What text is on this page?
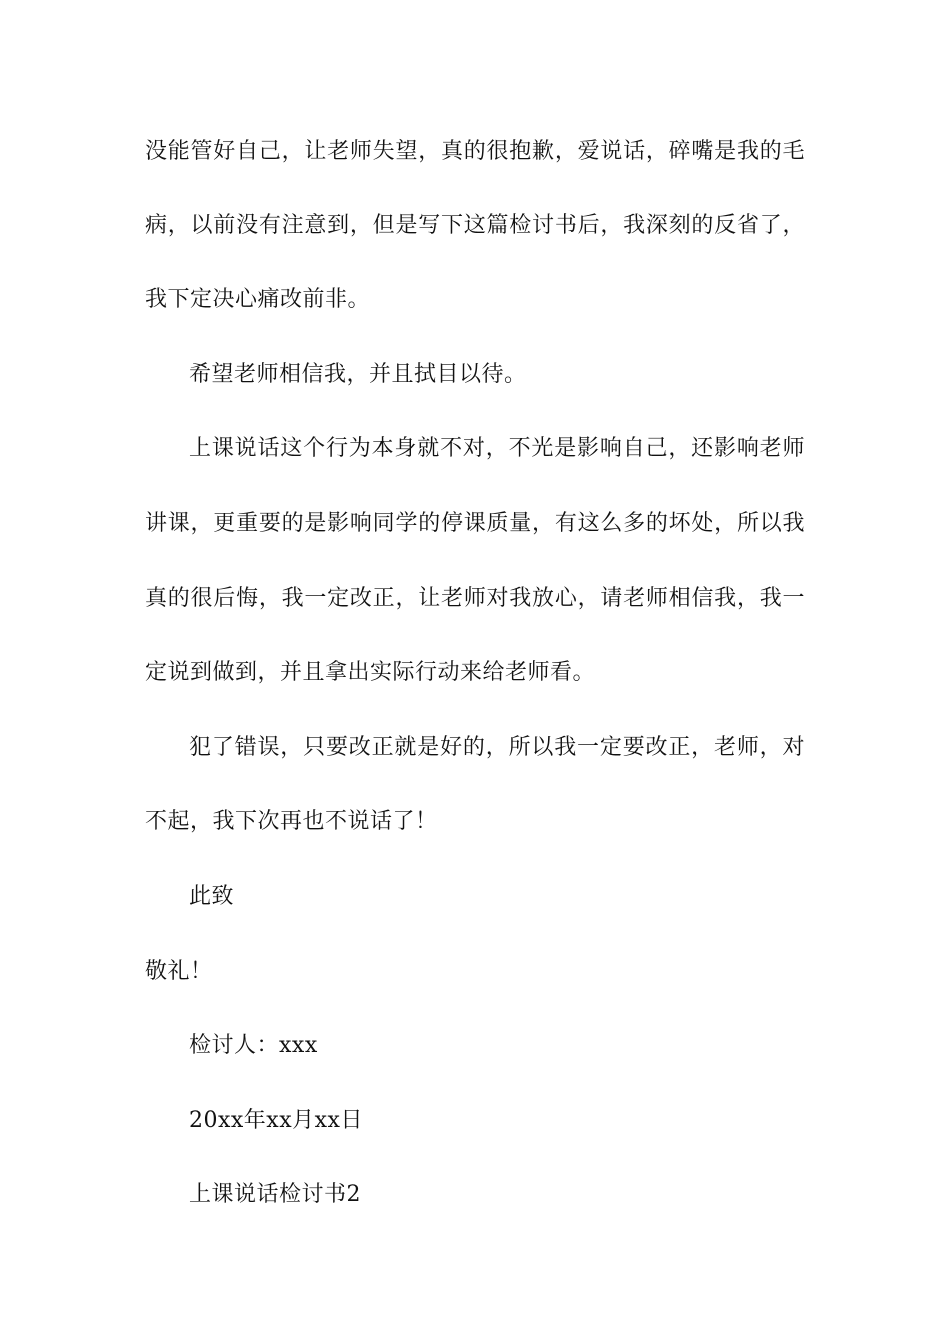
没能管好自己，让老师失望，真的很抱歉，爱说话，碎嘴是我的毛
病，以前没有注意到，但是写下这篇检讨书后，我深刻的反省了，
我下定决心痛改前非。
希望老师相信我，并且拭目以待。
上课说话这个行为本身就不对，不光是影响自己，还影响老师
讲课，更重要的是影响同学的停课质量，有这么多的坏处，所以我
真的很后悔，我一定改正，让老师对我放心，请老师相信我，我一
定说到做到，并且拿出实际行动来给老师看。
犯了错误，只要改正就是好的，所以我一定要改正，老师，对
不起，我下次再也不说话了！
此致
敬礼！
检讨人：xxx
20xx年xx月xx日
上课说话检讨书2
